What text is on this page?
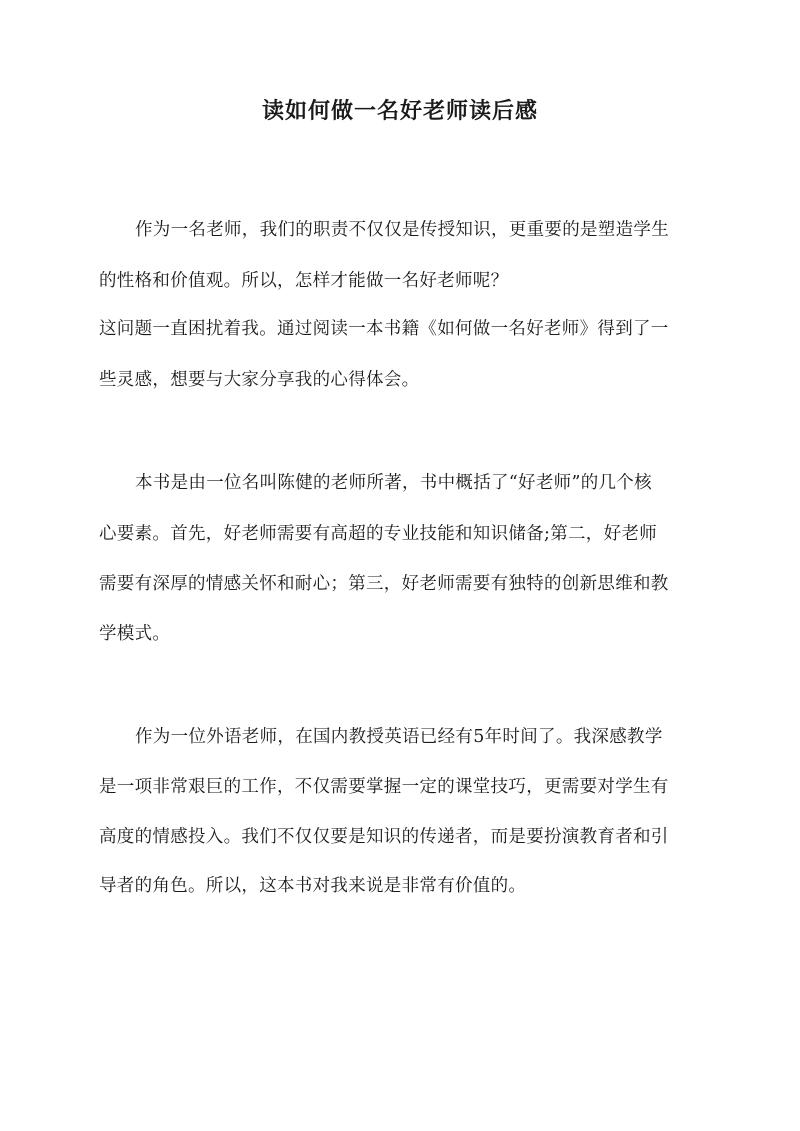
读如何做一名好老师读后感

作为一名老师，我们的职责不仅仅是传授知识，更重要的是塑造学生

的性格和价值观。所以，怎样才能做一名好老师呢？

这问题一直困扰着我。通过阅读一本书籍《如何做一名好老师》得到了一

些灵感，想要与大家分享我的心得体会。

本书是由一位名叫陈健的老师所著，书中概括了“好老师”的几个核

心要素。首先，好老师需要有高超的专业技能和知识储备;第二，好老师

需要有深厚的情感关怀和耐心；第三，好老师需要有独特的创新思维和教

学模式。

作为一位外语老师，在国内教授英语已经有5年时间了。我深感教学

是一项非常艰巨的工作，不仅需要掌握一定的课堂技巧，更需要对学生有

高度的情感投入。我们不仅仅要是知识的传递者，而是要扮演教育者和引

导者的角色。所以，这本书对我来说是非常有价值的。
